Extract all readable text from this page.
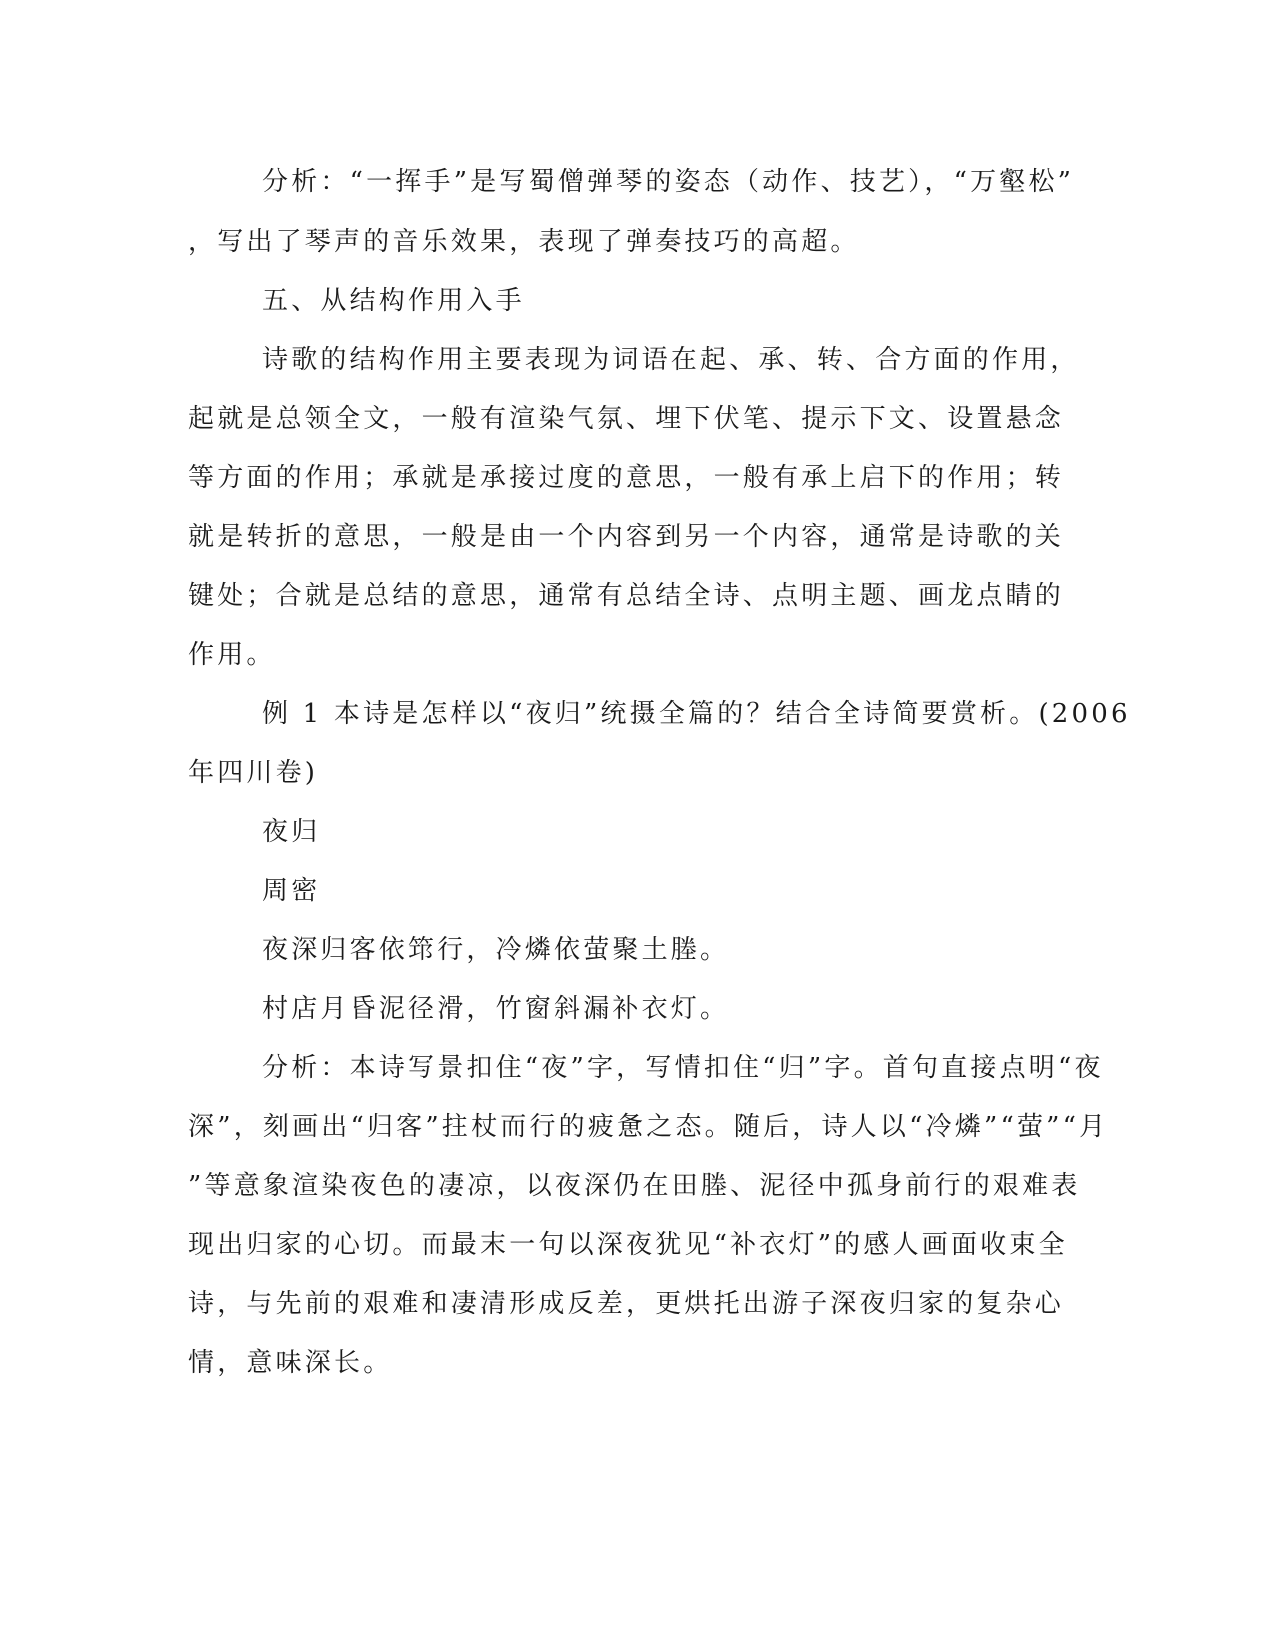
分析：“一挥手”是写蜀僧弹琴的姿态（动作、技艺），“万壑松”
，写出了琴声的音乐效果，表现了弹奏技巧的高超。
五、从结构作用入手
诗歌的结构作用主要表现为词语在起、承、转、合方面的作用，
起就是总领全文，一般有渲染气氛、埋下伏笔、提示下文、设置悬念
等方面的作用；承就是承接过度的意思，一般有承上启下的作用；转
就是转折的意思，一般是由一个内容到另一个内容，通常是诗歌的关
键处；合就是总结的意思，通常有总结全诗、点明主题、画龙点睛的
作用。
例 1 本诗是怎样以“夜归”统摄全篇的？结合全诗简要赏析。(2006
年四川卷)
夜归
周密
夜深归客依筇行，冷燐依萤聚土塍。
村店月昏泥径滑，竹窗斜漏补衣灯。
分析：本诗写景扣住“夜”字，写情扣住“归”字。首句直接点明“夜
深”，刻画出“归客”拄杖而行的疲惫之态。随后，诗人以“冷燐”“萤”“月
”等意象渲染夜色的凄凉，以夜深仍在田塍、泥径中孤身前行的艰难表
现出归家的心切。而最末一句以深夜犹见“补衣灯”的感人画面收束全
诗，与先前的艰难和凄清形成反差，更烘托出游子深夜归家的复杂心
情，意味深长。
